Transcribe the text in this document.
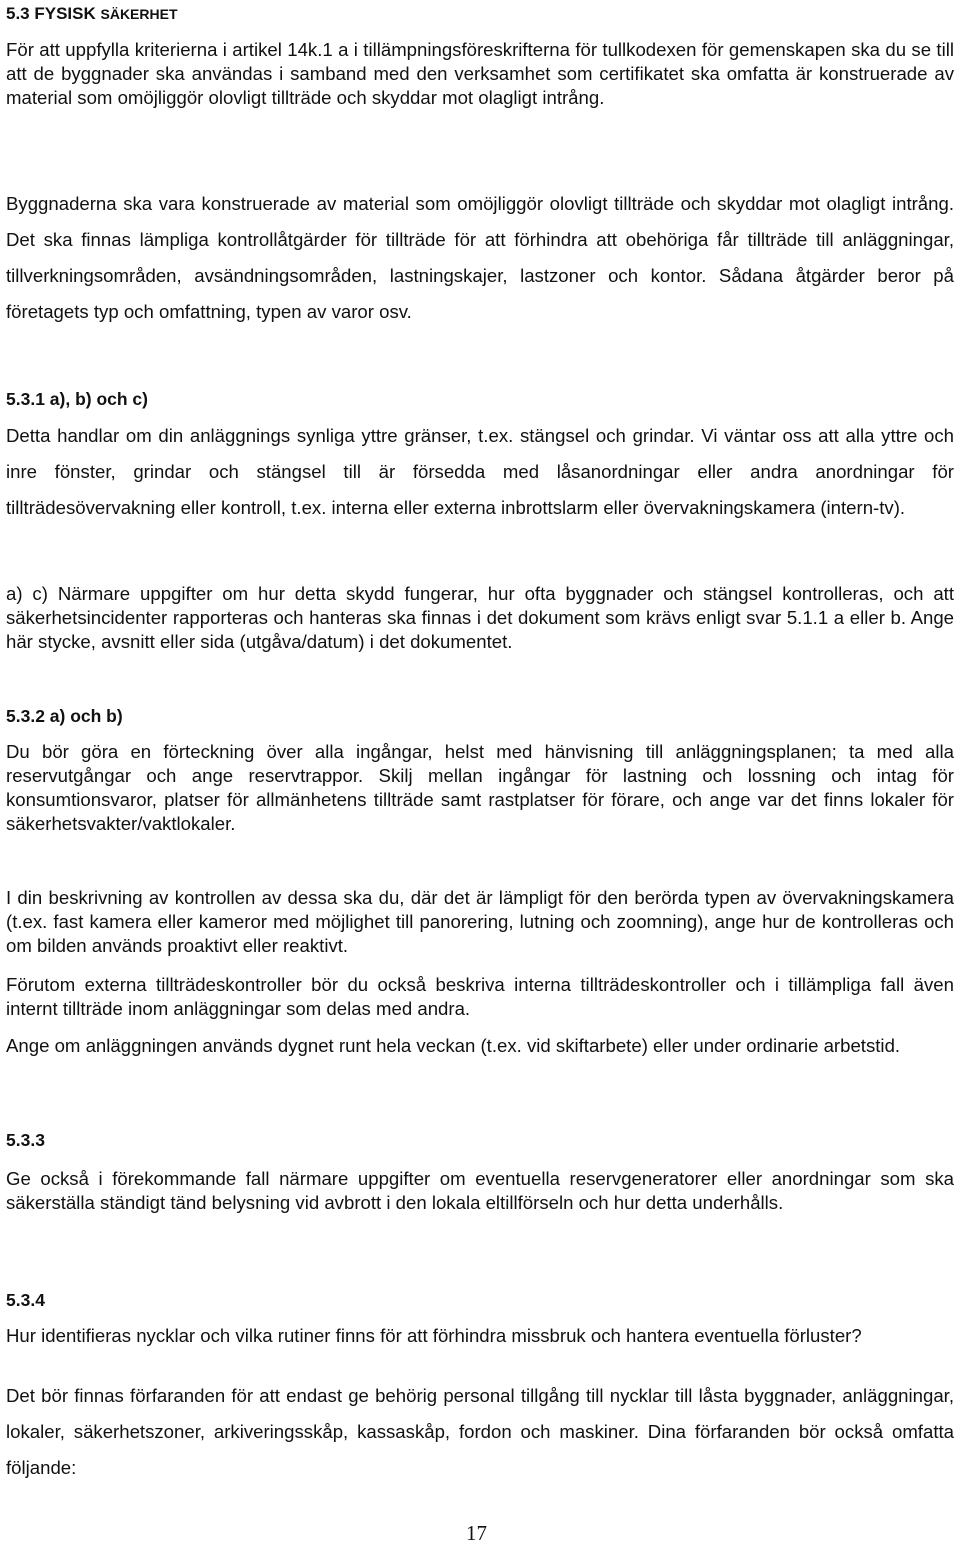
5.3 FYSISK SÄKERHET

För att uppfylla kriterierna i artikel 14k.1 a i tillämpningsföreskrifterna för tullkodexen för gemenskapen ska du se till att de byggnader ska användas i samband med den verksamhet som certifikatet ska omfatta är konstruerade av material som omöjliggör olovligt tillträde och skyddar mot olagligt intrång.

Byggnaderna ska vara konstruerade av material som omöjliggör olovligt tillträde och skyddar mot olagligt intrång. Det ska finnas lämpliga kontrollåtgärder för tillträde för att förhindra att obehöriga får tillträde till anläggningar, tillverkningsområden, avsändningsområden, lastningskajer, lastzoner och kontor. Sådana åtgärder beror på företagets typ och omfattning, typen av varor osv.

5.3.1 a), b) och c)

Detta handlar om din anläggnings synliga yttre gränser, t.ex. stängsel och grindar. Vi väntar oss att alla yttre och inre fönster, grindar och stängsel till är försedda med låsanordningar eller andra anordningar för tillträdesövervakning eller kontroll, t.ex. interna eller externa inbrottslarm eller övervakningskamera (intern-tv).

a) c) Närmare uppgifter om hur detta skydd fungerar, hur ofta byggnader och stängsel kontrolleras, och att säkerhetsincidenter rapporteras och hanteras ska finnas i det dokument som krävs enligt svar 5.1.1 a eller b. Ange här stycke, avsnitt eller sida (utgåva/datum) i det dokumentet.

5.3.2 a) och b)

Du bör göra en förteckning över alla ingångar, helst med hänvisning till anläggningsplanen; ta med alla reservutgångar och ange reservtrappor. Skilj mellan ingångar för lastning och lossning och intag för konsumtionsvaror, platser för allmänhetens tillträde samt rastplatser för förare, och ange var det finns lokaler för säkerhetsvakter/vaktlokaler.

I din beskrivning av kontrollen av dessa ska du, där det är lämpligt för den berörda typen av övervakningskamera (t.ex. fast kamera eller kameror med möjlighet till panorering, lutning och zoomning), ange hur de kontrolleras och om bilden används proaktivt eller reaktivt.

Förutom externa tillträdeskontroller bör du också beskriva interna tillträdeskontroller och i tillämpliga fall även internt tillträde inom anläggningar som delas med andra.

Ange om anläggningen används dygnet runt hela veckan (t.ex. vid skiftarbete) eller under ordinarie arbetstid.

5.3.3

Ge också i förekommande fall närmare uppgifter om eventuella reservgeneratorer eller anordningar som ska säkerställa ständigt tänd belysning vid avbrott i den lokala eltillförseln och hur detta underhålls.

5.3.4

Hur identifieras nycklar och vilka rutiner finns för att förhindra missbruk och hantera eventuella förluster?

Det bör finnas förfaranden för att endast ge behörig personal tillgång till nycklar till låsta byggnader, anläggningar, lokaler, säkerhetszoner, arkiveringsskåp, kassaskåp, fordon och maskiner. Dina förfaranden bör också omfatta följande:

17
